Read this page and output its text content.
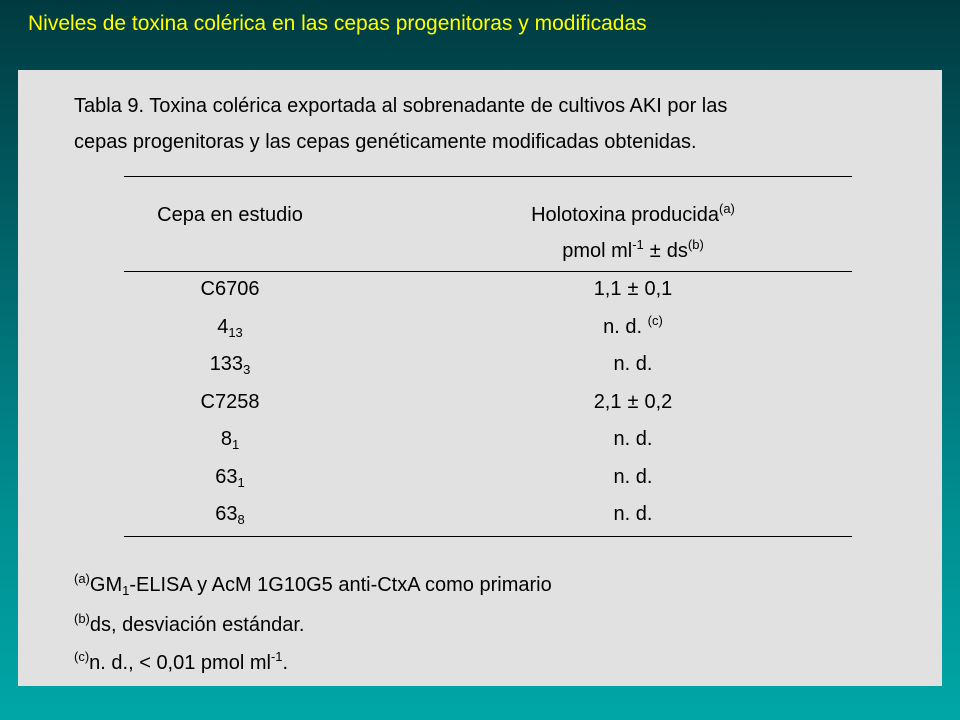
Niveles de toxina colérica en las cepas progenitoras y modificadas
Tabla 9. Toxina colérica exportada al sobrenadante de cultivos AKI por las
cepas progenitoras y las cepas genéticamente modificadas obtenidas.
Cepa en estudio	Holotoxina producida$^{(a)}$
pmol $ml^{-1} \pm ds^{(b)}$
C6706	1,1 ± 0,1
$4_{13}$	n. d. $^{(c)}$
$133_3$	n. d.
C7258	2,1 ± 0,2
$8_1$	n. d.
$63_1$	n. d.
$63_8$	n. d.
$^{(a)}GM_1$-ELISA y AcM 1G10G5 anti-CtxA como primario
$^{(b)}$ds, desviación estándar.
$^{(c)}$n. d., < 0,01 pmol $ml^{-1}$.
